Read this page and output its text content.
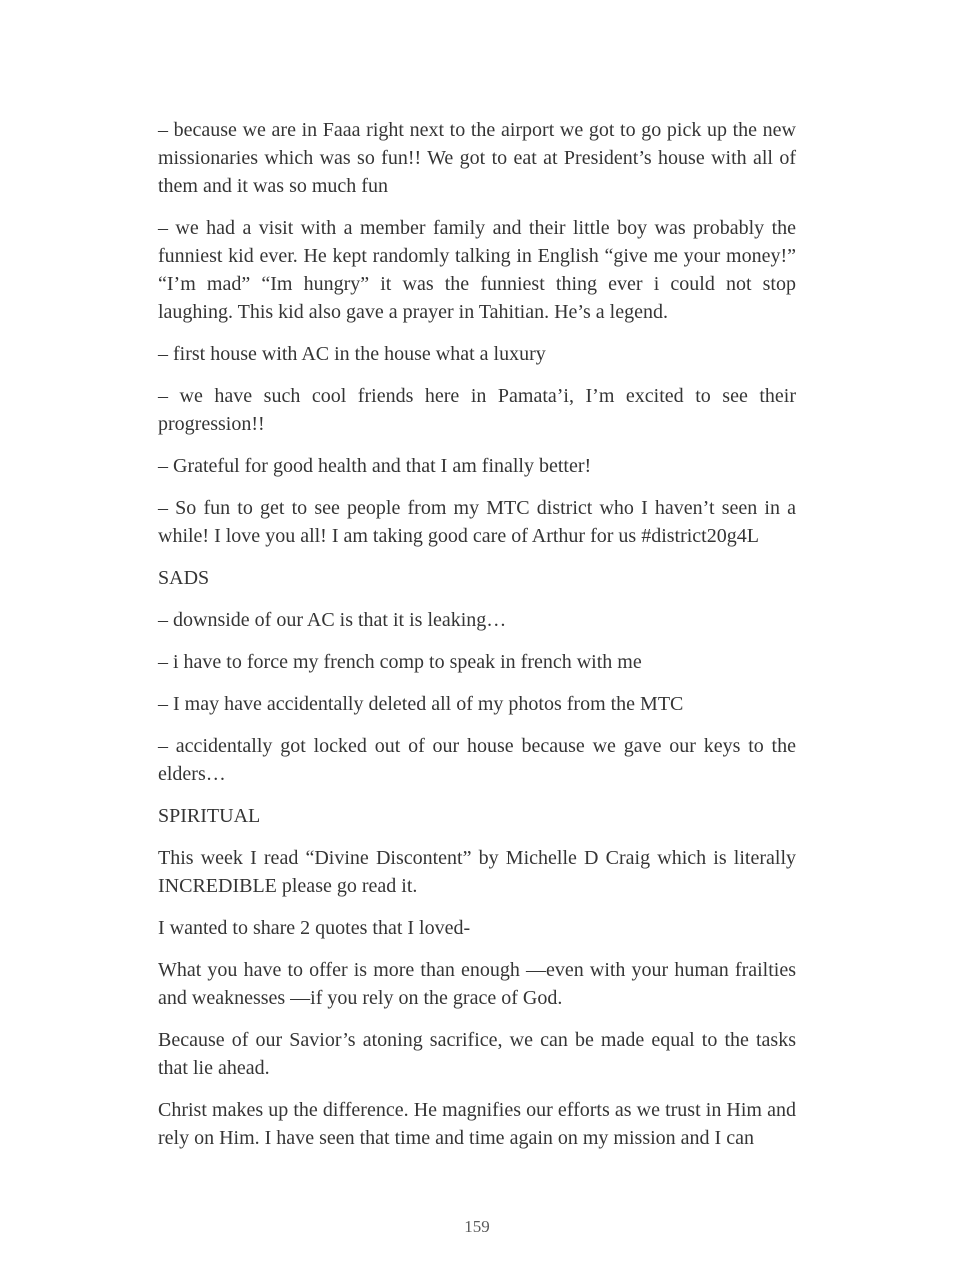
– because we are in Faaa right next to the airport we got to go pick up the new missionaries which was so fun!! We got to eat at President’s house with all of them and it was so much fun

– we had a visit with a member family and their little boy was probably the funniest kid ever. He kept randomly talking in English “give me your money!” “I’m mad” “Im hungry” it was the funniest thing ever i could not stop laughing. This kid also gave a prayer in Tahitian. He’s a legend.

– first house with AC in the house what a luxury

– we have such cool friends here in Pamata’i, I’m excited to see their progression!!

– Grateful for good health and that I am finally better!

– So fun to get to see people from my MTC district who I haven’t seen in a while! I love you all! I am taking good care of Arthur for us #district20g4L

SADS

– downside of our AC is that it is leaking…

– i have to force my french comp to speak in french with me

– I may have accidentally deleted all of my photos from the MTC

– accidentally got locked out of our house because we gave our keys to the elders…

SPIRITUAL

This week I read “Divine Discontent” by Michelle D Craig which is literally INCREDIBLE please go read it.

I wanted to share 2 quotes that I loved-

What you have to offer is more than enough —even with your human frailties and weaknesses —if you rely on the grace of God.

Because of our Savior’s atoning sacrifice, we can be made equal to the tasks that lie ahead.

Christ makes up the difference. He magnifies our efforts as we trust in Him and rely on Him. I have seen that time and time again on my mission and I can

159
